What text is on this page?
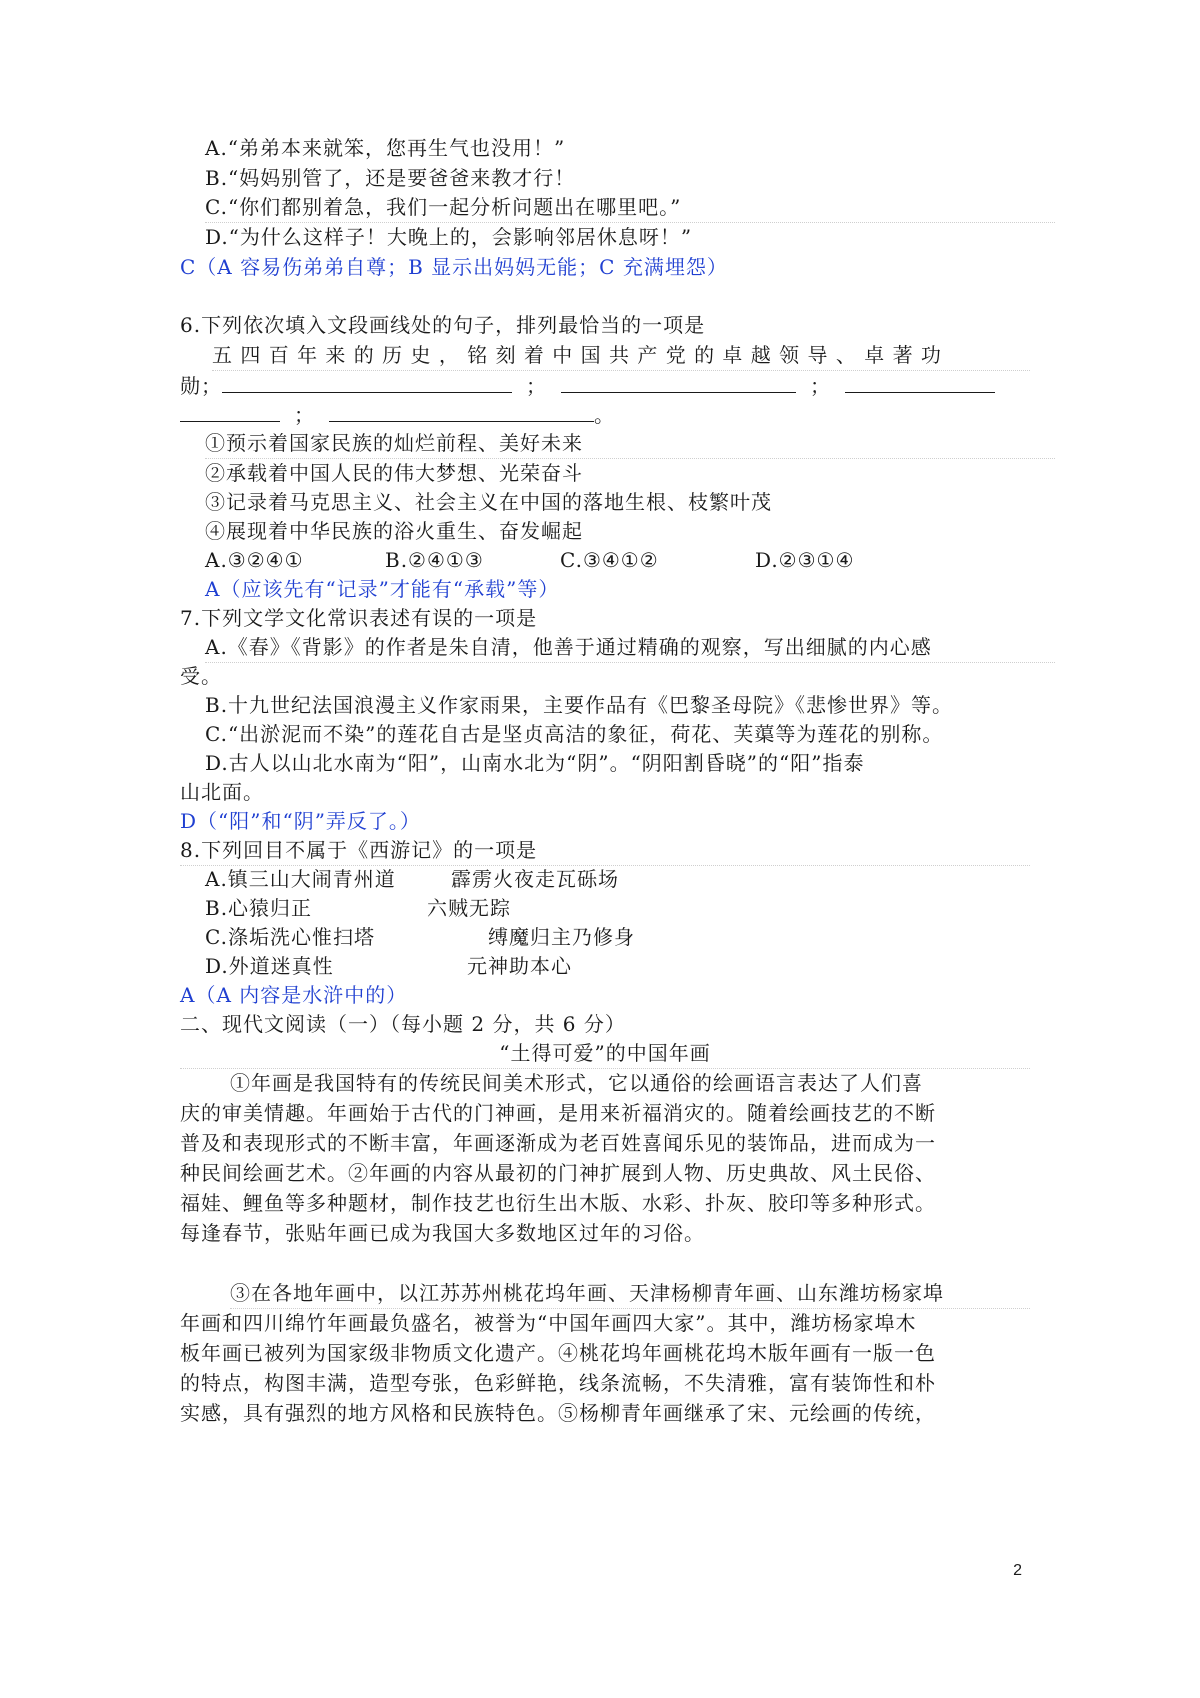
A.“弟弟本来就笨，您再生气也没用！”
B.“妈妈别管了，还是要爸爸来教才行！
C.“你们都别着急，我们一起分析问题出在哪里吧。”
D.“为什么这样子！大晚上的，会影响邻居休息呀！”
C（A 容易伤弟弟自尊；B 显示出妈妈无能；C 充满埋怨）
6.下列依次填入文段画线处的句子，排列最恰当的一项是
五 四 百 年 来 的 历 史 ， 铭 刻 着 中 国 共 产 党 的 卓 越 领 导 、 卓 著 功
勋；	；	；
；	。
①预示着国家民族的灿烂前程、美好未来
②承载着中国人民的伟大梦想、光荣奋斗
③记录着马克思主义、社会主义在中国的落地生根、枝繁叶茂
④展现着中华民族的浴火重生、奋发崛起
A.③②④①	B.②④①③	C.③④①②	D.②③①④
A（应该先有“记录”才能有“承载”等）
7.下列文学文化常识表述有误的一项是
A.《春》《背影》的作者是朱自清，他善于通过精确的观察，写出细腻的内心感
受。
B.十九世纪法国浪漫主义作家雨果，主要作品有《巴黎圣母院》《悲惨世界》等。
C.“出淤泥而不染”的莲花自古是坚贞高洁的象征，荷花、芙蕖等为莲花的别称。
D.古人以山北水南为“阳”，山南水北为“阴”。“阴阳割昏晓”的“阳”指泰
山北面。
D（“阳”和“阴”弄反了。）
8.下列回目不属于《西游记》的一项是
A.镇三山大闹青州道	霹雳火夜走瓦砾场
B.心猿归正	六贼无踪
C.涤垢洗心惟扫塔	缚魔归主乃修身
D.外道迷真性	元神助本心
A（A 内容是水浒中的）
二、现代文阅读（一）（每小题 2 分，共 6 分）
“土得可爱”的中国年画
①年画是我国特有的传统民间美术形式，它以通俗的绘画语言表达了人们喜
庆的审美情趣。年画始于古代的门神画，是用来祈福消灾的。随着绘画技艺的不断
普及和表现形式的不断丰富，年画逐渐成为老百姓喜闻乐见的装饰品，进而成为一
种民间绘画艺术。②年画的内容从最初的门神扩展到人物、历史典故、风土民俗、
福娃、鲤鱼等多种题材，制作技艺也衍生出木版、水彩、扑灰、胶印等多种形式。
每逢春节，张贴年画已成为我国大多数地区过年的习俗。
③在各地年画中，以江苏苏州桃花坞年画、天津杨柳青年画、山东潍坊杨家埠
年画和四川绵竹年画最负盛名，被誉为“中国年画四大家”。其中，潍坊杨家埠木
板年画已被列为国家级非物质文化遗产。④桃花坞年画桃花坞木版年画有一版一色
的特点，构图丰满，造型夸张，色彩鲜艳，线条流畅，不失清雅，富有装饰性和朴
实感，具有强烈的地方风格和民族特色。⑤杨柳青年画继承了宋、元绘画的传统，
2
